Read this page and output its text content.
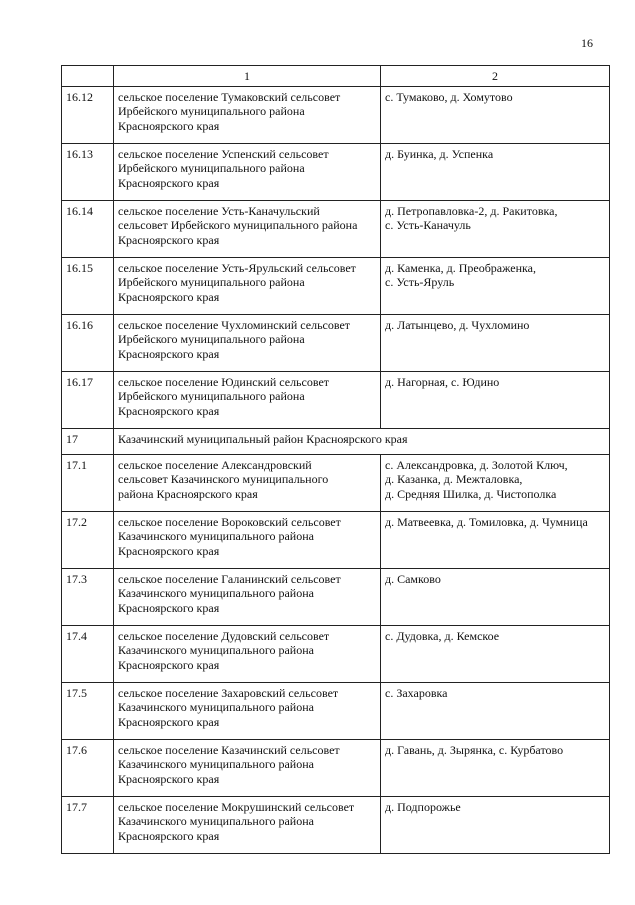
16
	1	2
16.12	сельское поселение Тумаковский сельсовет
Ирбейского муниципального района
Красноярского края	с. Тумаково, д. Хомутово
16.13	сельское поселение Успенский сельсовет
Ирбейского муниципального района
Красноярского края	д. Буинка, д. Успенка
16.14	сельское поселение Усть-Каначульский
сельсовет Ирбейского муниципального района
Красноярского края	д. Петропавловка-2, д. Ракитовка,
с. Усть-Каначуль
16.15	сельское поселение Усть-Ярульский сельсовет
Ирбейского муниципального района
Красноярского края	д. Каменка, д. Преображенка,
с. Усть-Яруль
16.16	сельское поселение Чухломинский сельсовет
Ирбейского муниципального района
Красноярского края	д. Латынцево, д. Чухломино
16.17	сельское поселение Юдинский сельсовет
Ирбейского муниципального района
Красноярского края	д. Нагорная, с. Юдино
17	Казачинский муниципальный район Красноярского края	
17.1	сельское поселение Александровский
сельсовет Казачинского муниципального
района Красноярского края	с. Александровка, д. Золотой Ключ,
д. Казанка, д. Межталовка,
д. Средняя Шилка, д. Чистополка
17.2	сельское поселение Вороковский сельсовет
Казачинского муниципального района
Красноярского края	д. Матвеевка, д. Томиловка, д. Чумница
17.3	сельское поселение Галанинский сельсовет
Казачинского муниципального района
Красноярского края	д. Самково
17.4	сельское поселение Дудовский сельсовет
Казачинского муниципального района
Красноярского края	с. Дудовка, д. Кемское
17.5	сельское поселение Захаровский сельсовет
Казачинского муниципального района
Красноярского края	с. Захаровка
17.6	сельское поселение Казачинский сельсовет
Казачинского муниципального района
Красноярского края	д. Гавань, д. Зырянка, с. Курбатово
17.7	сельское поселение Мокрушинский сельсовет
Казачинского муниципального района
Красноярского края	д. Подпорожье
